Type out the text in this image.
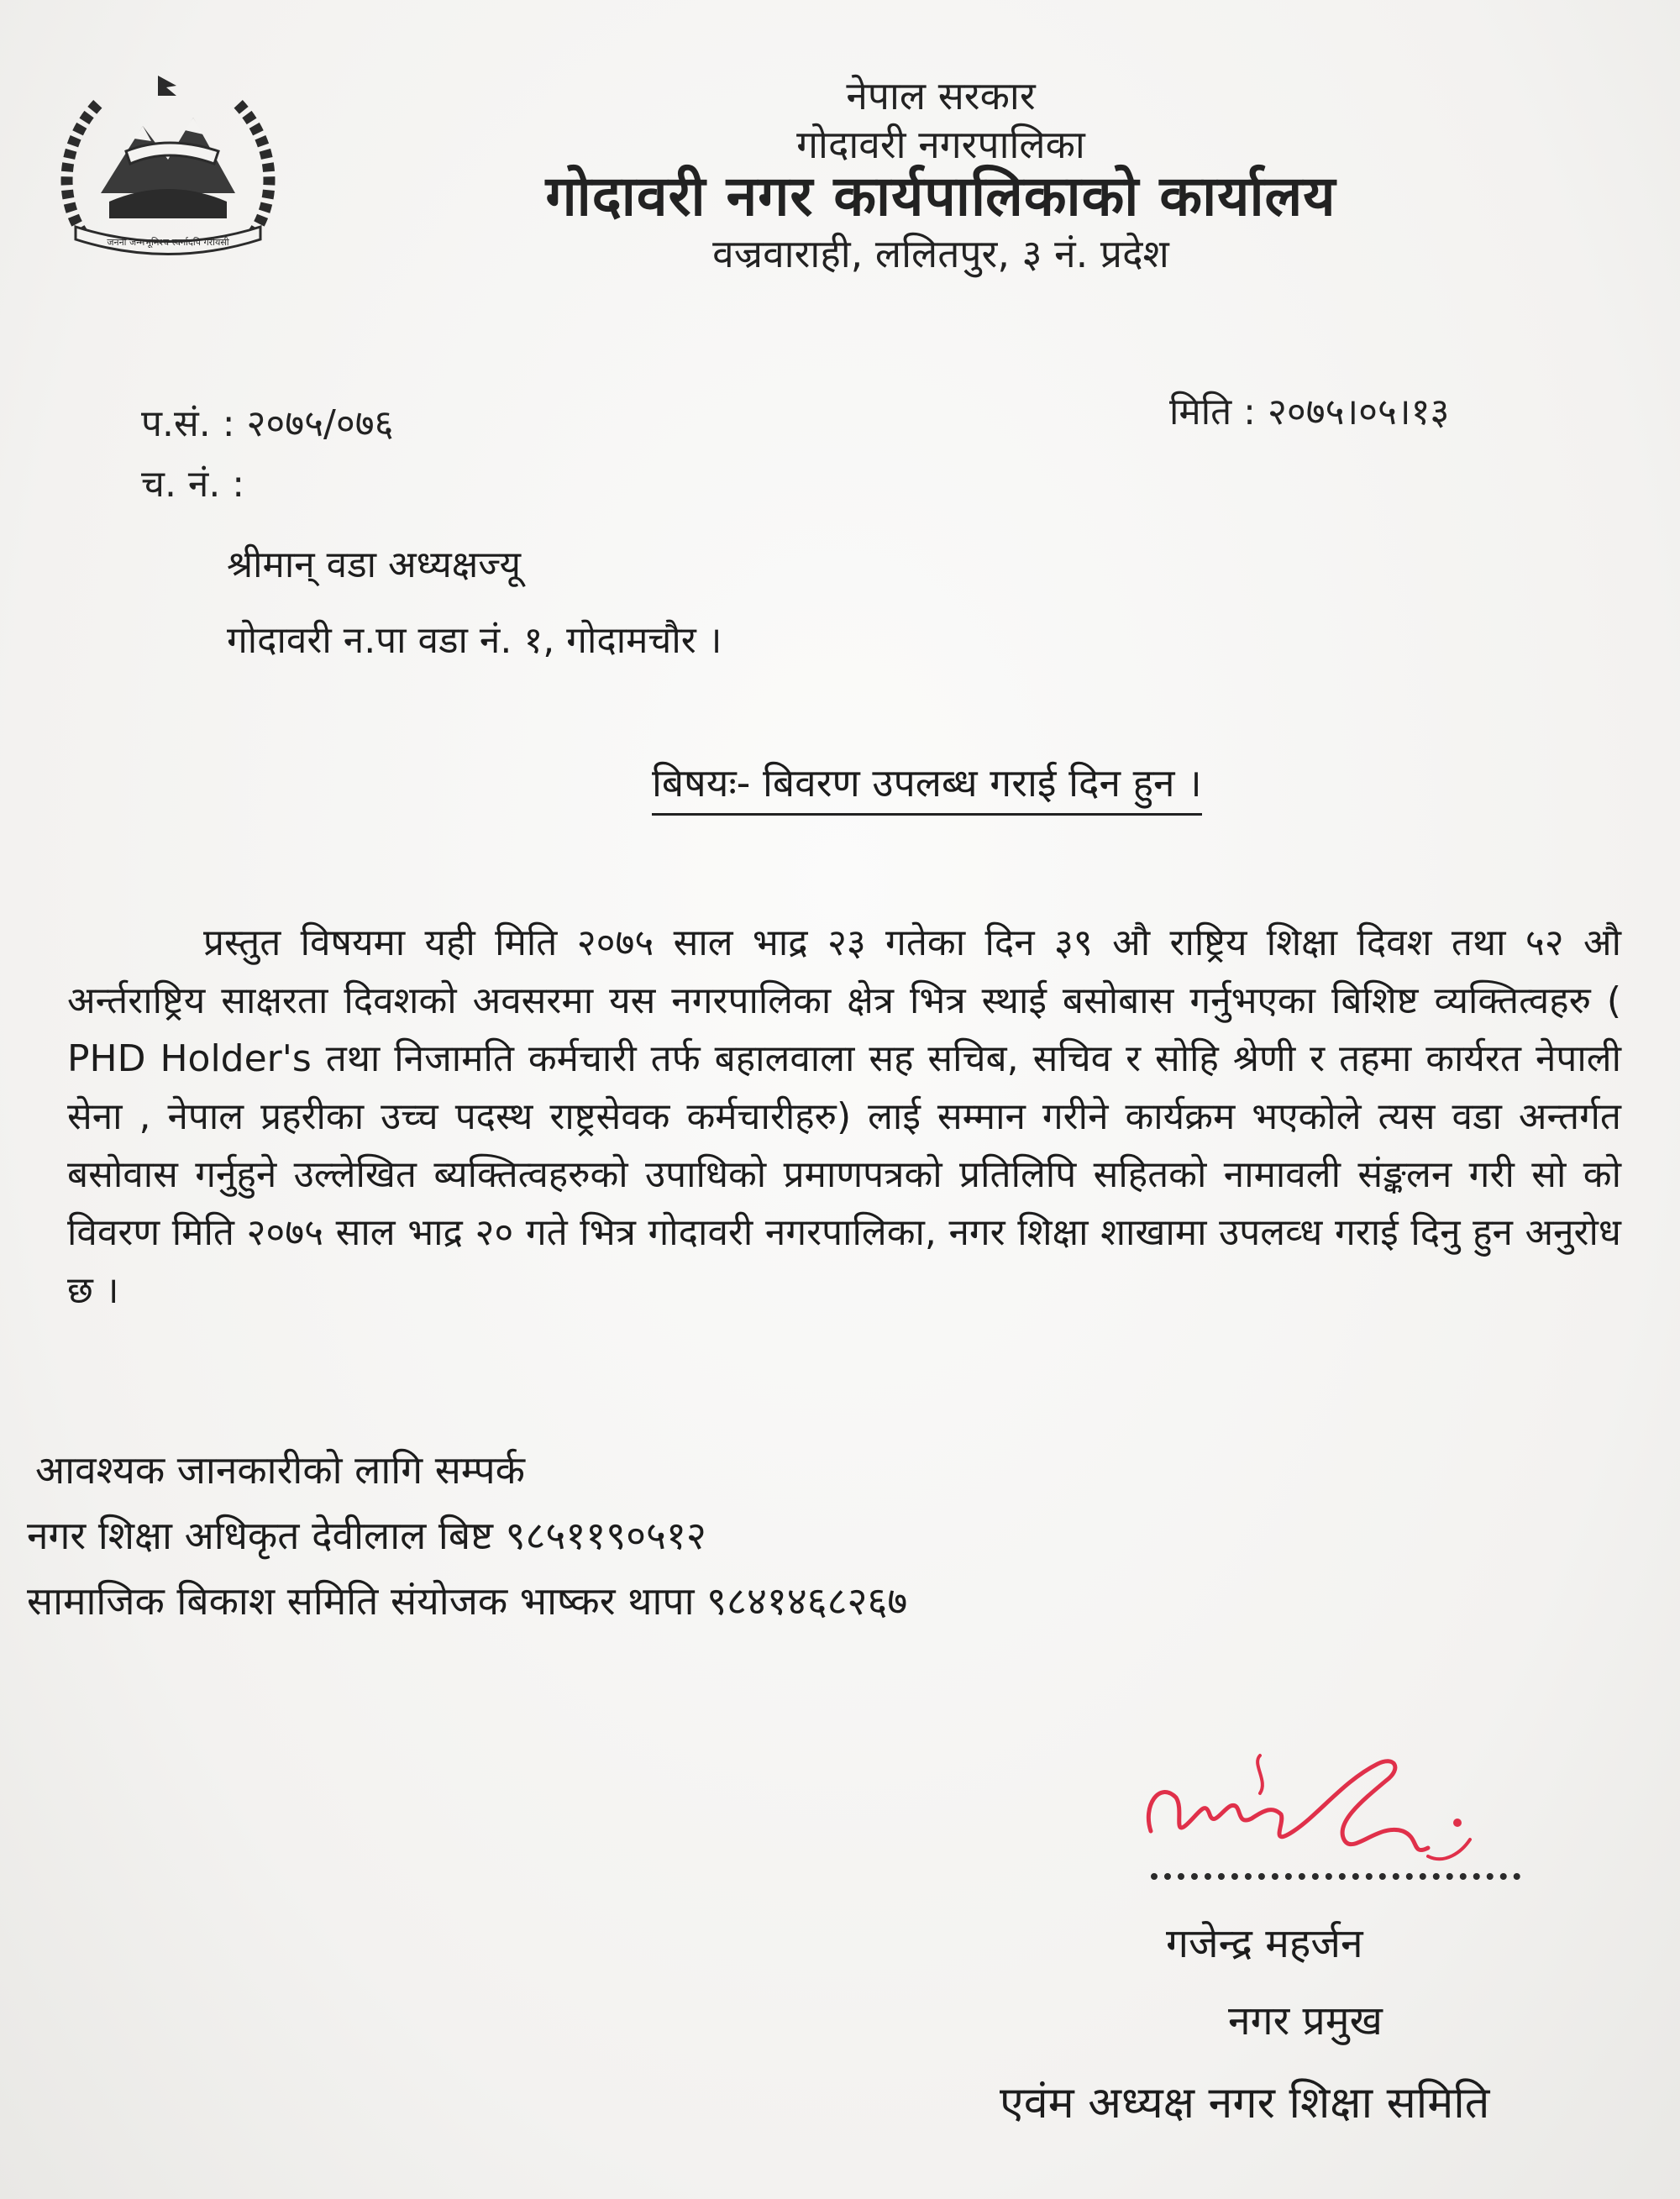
जननी जन्मभूमिश्च स्वर्गादपि गरीयसी
नेपाल सरकार
गोदावरी नगरपालिका
गोदावरी नगर कार्यपालिकाको कार्यालय
वज्रवाराही, ललितपुर, ३ नं. प्रदेश
प.सं. : २०७५/०७६
च. नं. :
मिति : २०७५।०५।१३
श्रीमान् वडा अध्यक्षज्यू
गोदावरी न.पा वडा नं. १, गोदामचौर ।
बिषयः- बिवरण उपलब्ध गराई दिन हुन ।
प्रस्तुत विषयमा यही मिति २०७५ साल भाद्र २३ गतेका दिन ३९ औ राष्ट्रिय शिक्षा दिवश तथा ५२ औ अर्न्तराष्ट्रिय साक्षरता दिवशको अवसरमा यस नगरपालिका क्षेत्र भित्र स्थाई बसोबास गर्नुभएका बिशिष्ट व्यक्तित्वहरु ( PHD Holder's तथा निजामति कर्मचारी तर्फ बहालवाला सह सचिब, सचिव र सोहि श्रेणी र तहमा कार्यरत नेपाली सेना , नेपाल प्रहरीका उच्च पदस्थ राष्ट्रसेवक कर्मचारीहरु) लाई सम्मान गरीने कार्यक्रम भएकोले त्यस वडा अन्तर्गत बसोवास गर्नुहुने उल्लेखित ब्यक्तित्वहरुको उपाधिको प्रमाणपत्रको प्रतिलिपि सहितको नामावली संङ्कलन गरी सो को विवरण मिति २०७५ साल भाद्र २० गते भित्र गोदावरी नगरपालिका, नगर शिक्षा शाखामा उपलव्ध गराई दिनु हुन अनुरोध छ ।
आवश्यक जानकारीको लागि सम्पर्क
नगर शिक्षा अधिकृत देवीलाल बिष्ट ९८५११९०५१२
सामाजिक बिकाश समिति संयोजक भाष्कर थापा ९८४१४६८२६७
गजेन्द्र महर्जन
नगर प्रमुख
एवंम अध्यक्ष नगर शिक्षा समिति
